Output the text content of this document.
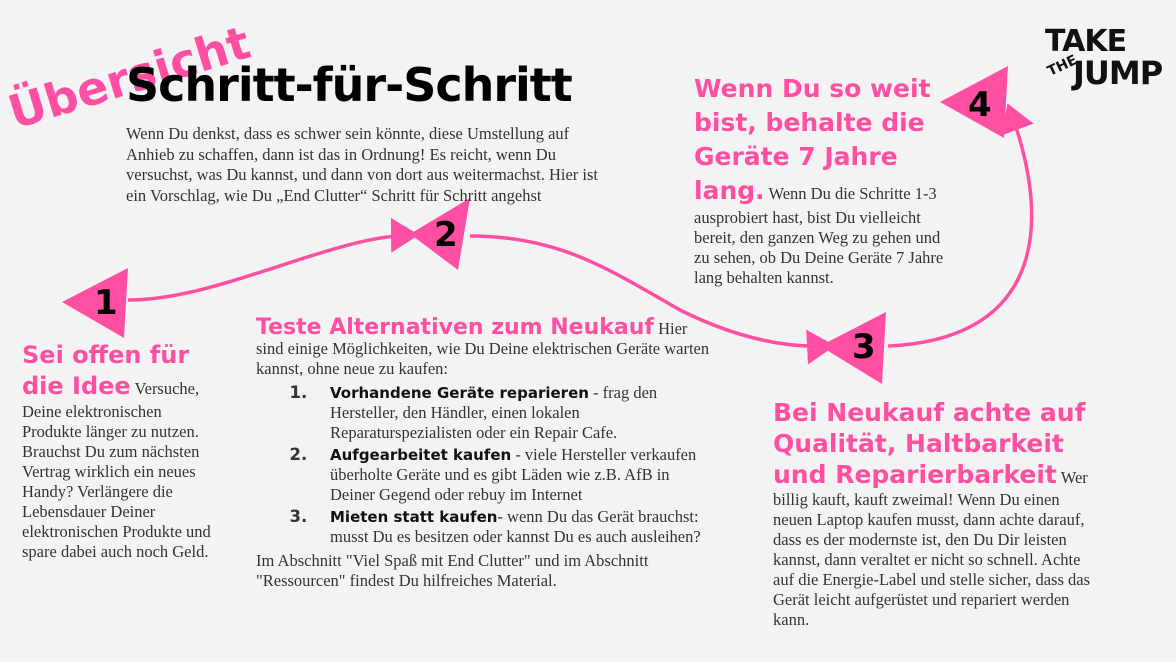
1
2
3
4
Übersicht
Schritt-für-Schritt
Wenn Du denkst, dass es schwer sein könnte, diese Umstellung auf Anhieb zu schaffen, dann ist das in Ordnung! Es reicht, wenn Du versuchst, was Du kannst, und dann von dort aus weitermachst. Hier ist ein Vorschlag, wie Du „End Clutter“ Schritt für Schritt angehst
TAKE
THE
JUMP
Sei offen für die Idee Versuche, Deine elektronischen Produkte länger zu nutzen. Brauchst Du zum nächsten Vertrag wirklich ein neues Handy? Verlängere die Lebensdauer Deiner elektronischen Produkte und spare dabei auch noch Geld.
Teste Alternativen zum Neukauf Hier sind einige Möglichkeiten, wie Du Deine elektrischen Geräte warten kannst, ohne neue zu kaufen:
1. Vorhandene Geräte reparieren - frag den Hersteller, den Händler, einen lokalen Reparaturspezialisten oder ein Repair Cafe.
2. Aufgearbeitet kaufen - viele Hersteller verkaufen überholte Geräte und es gibt Läden wie z.B. AfB in Deiner Gegend oder rebuy im Internet
3. Mieten statt kaufen- wenn Du das Gerät brauchst: musst Du es besitzen oder kannst Du es auch ausleihen?
Im Abschnitt "Viel Spaß mit End Clutter" und im Abschnitt "Ressourcen" findest Du hilfreiches Material.
Bei Neukauf achte auf Qualität, Haltbarkeit und Reparierbarkeit Wer billig kauft, kauft zweimal! Wenn Du einen neuen Laptop kaufen musst, dann achte darauf, dass es der modernste ist, den Du Dir leisten kannst, dann veraltet er nicht so schnell. Achte auf die Energie-Label und stelle sicher, dass das Gerät leicht aufgerüstet und repariert werden kann.
Wenn Du so weit bist, behalte die Geräte 7 Jahre lang. Wenn Du die Schritte 1-3 ausprobiert hast, bist Du vielleicht bereit, den ganzen Weg zu gehen und zu sehen, ob Du Deine Geräte 7 Jahre lang behalten kannst.
